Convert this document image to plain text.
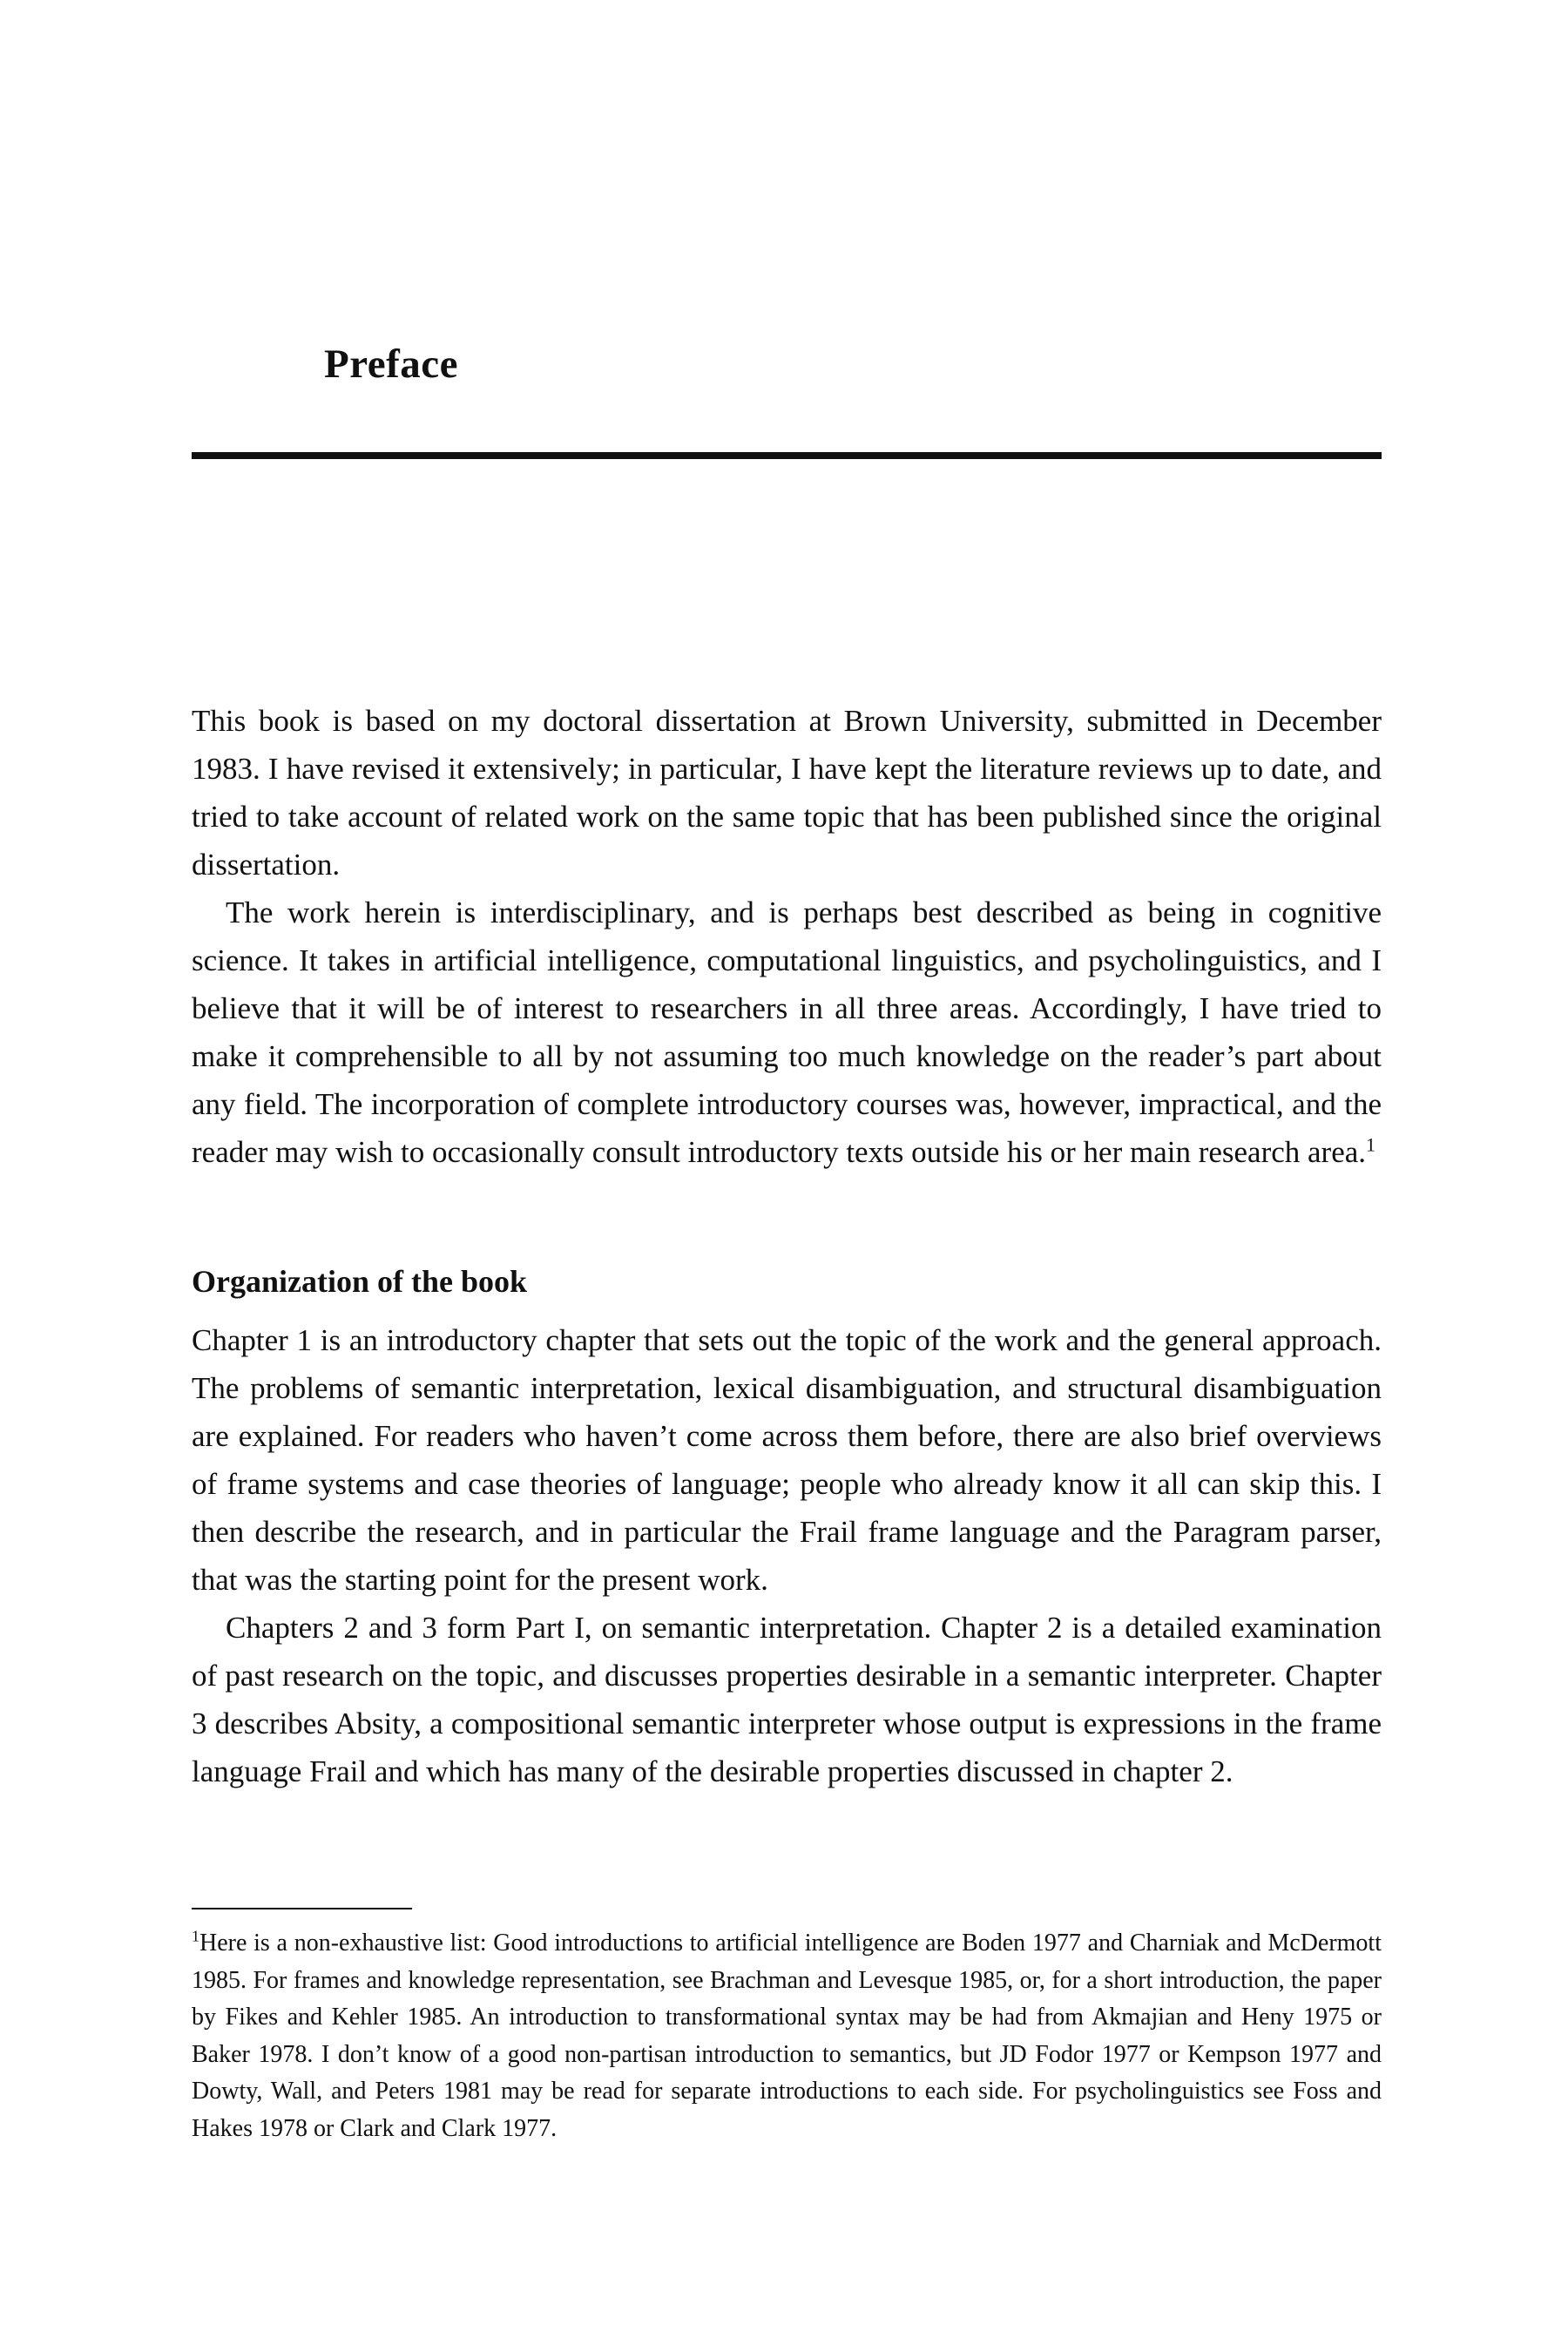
Preface

This book is based on my doctoral dissertation at Brown University, submitted in December 1983. I have revised it extensively; in particular, I have kept the literature reviews up to date, and tried to take account of related work on the same topic that has been published since the original dissertation.

The work herein is interdisciplinary, and is perhaps best described as being in cognitive science. It takes in artificial intelligence, computational linguistics, and psycholinguistics, and I believe that it will be of interest to researchers in all three areas. Accordingly, I have tried to make it comprehensible to all by not assuming too much knowledge on the reader’s part about any field. The incorporation of complete introductory courses was, however, impractical, and the reader may wish to occasionally consult introductory texts outside his or her main research area.$^1$

Organization of the book

Chapter 1 is an introductory chapter that sets out the topic of the work and the general approach. The problems of semantic interpretation, lexical disambiguation, and structural disambiguation are explained. For readers who haven’t come across them before, there are also brief overviews of frame systems and case theories of language; people who already know it all can skip this. I then describe the research, and in particular the Frail frame language and the Paragram parser, that was the starting point for the present work.

Chapters 2 and 3 form Part I, on semantic interpretation. Chapter 2 is a detailed examination of past research on the topic, and discusses properties desirable in a semantic interpreter. Chapter 3 describes Absity, a compositional semantic interpreter whose output is expressions in the frame language Frail and which has many of the desirable properties discussed in chapter 2.

$^1$Here is a non-exhaustive list: Good introductions to artificial intelligence are Boden 1977 and Charniak and McDermott 1985. For frames and knowledge representation, see Brachman and Levesque 1985, or, for a short introduction, the paper by Fikes and Kehler 1985. An introduction to transformational syntax may be had from Akmajian and Heny 1975 or Baker 1978. I don’t know of a good non-partisan introduction to semantics, but JD Fodor 1977 or Kempson 1977 and Dowty, Wall, and Peters 1981 may be read for separate introductions to each side. For psycholinguistics see Foss and Hakes 1978 or Clark and Clark 1977.
